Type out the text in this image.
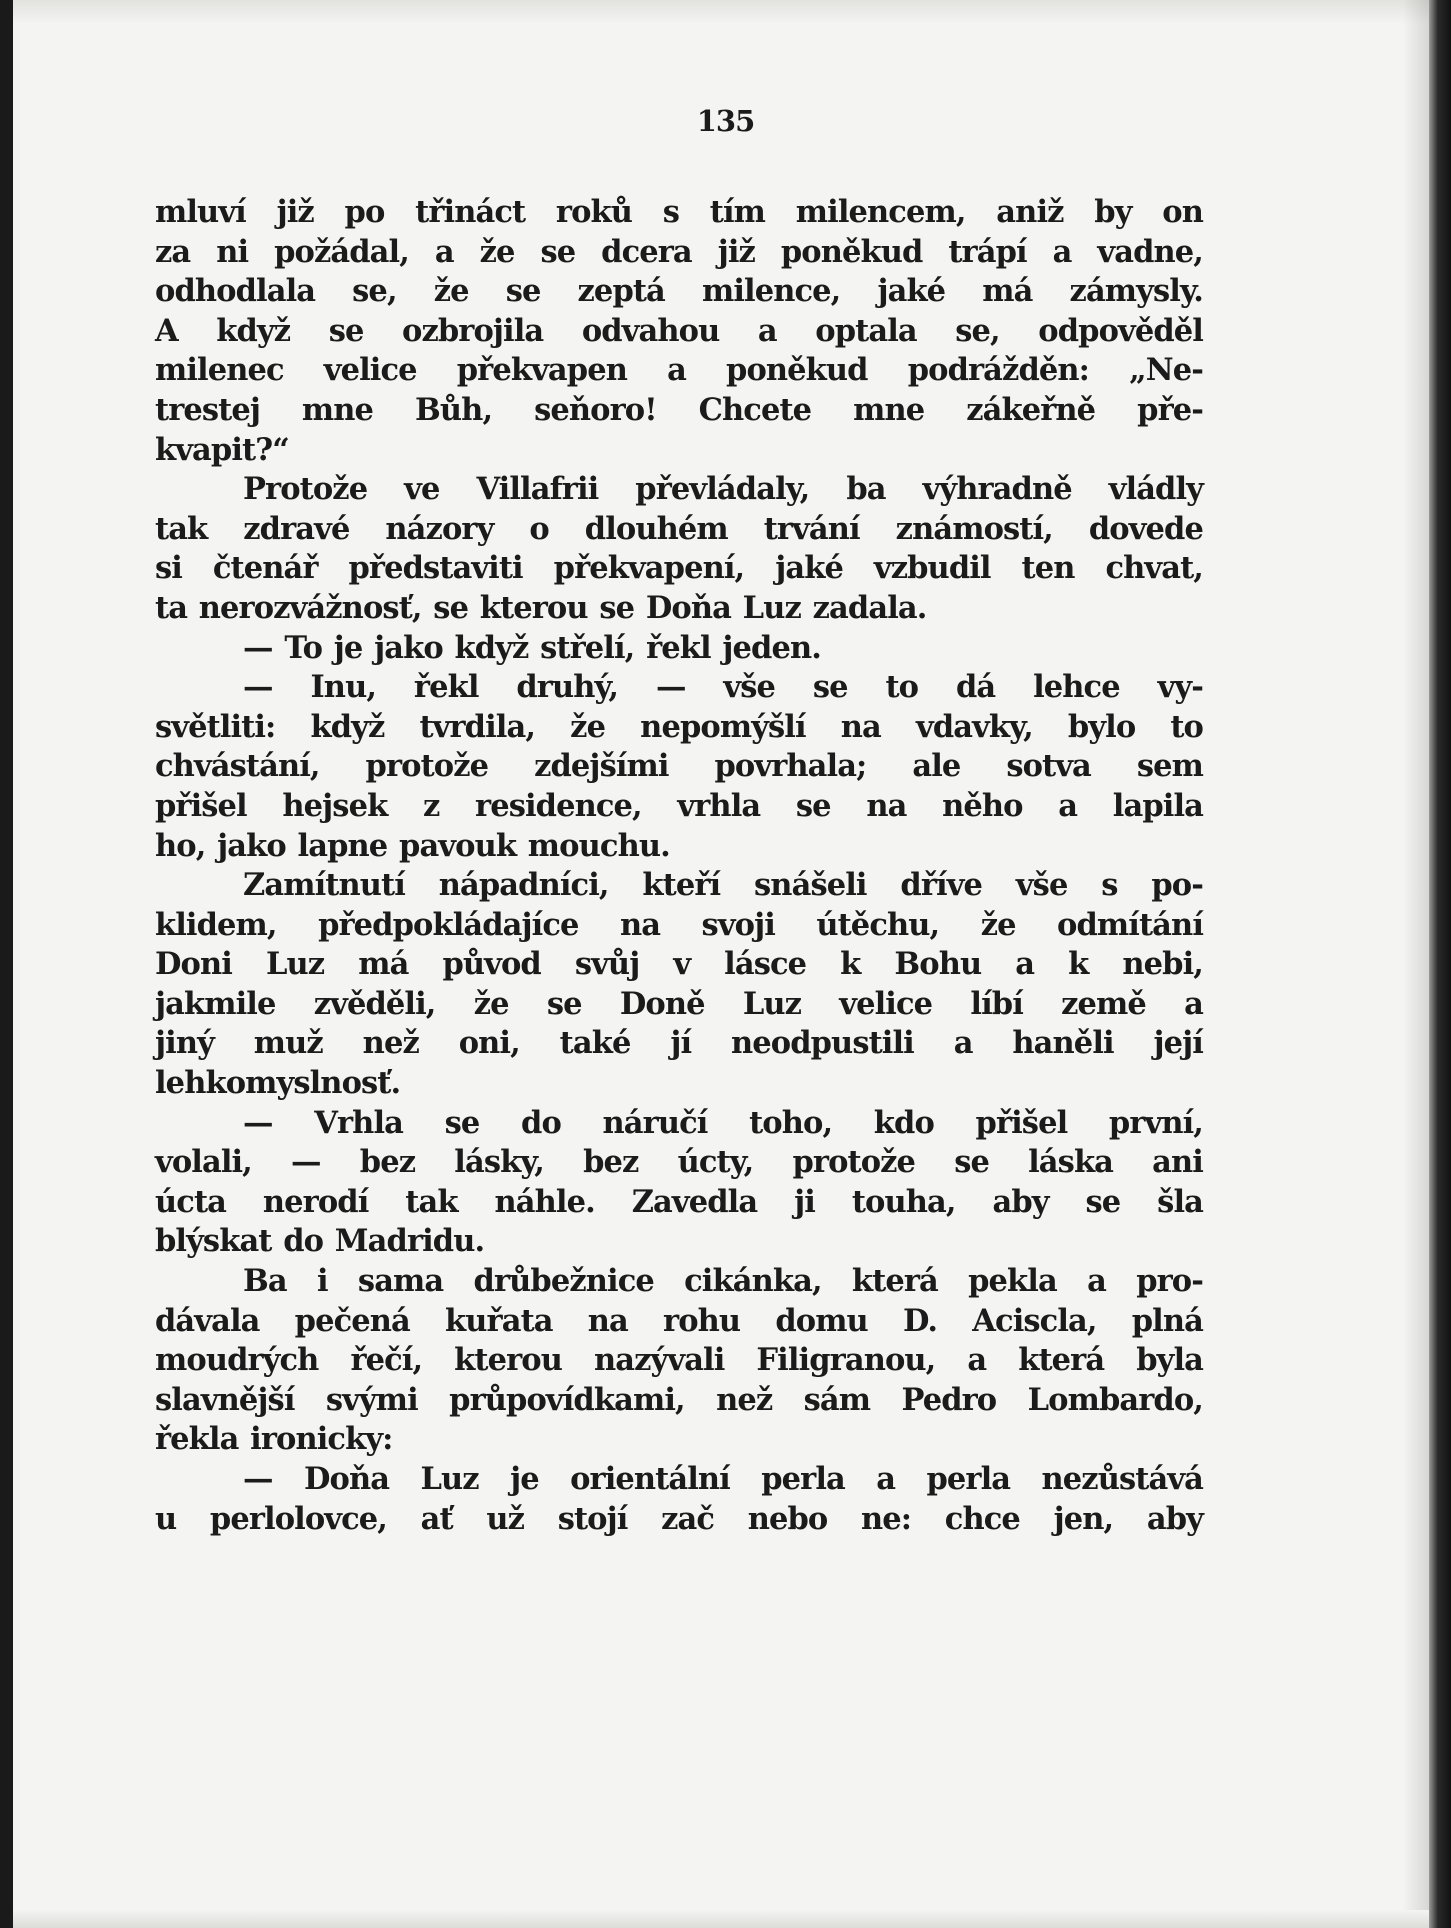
135
mluví již po třináct roků s tím milencem, aniž by on
za ni požádal, a že se dcera již poněkud trápí a vadne,
odhodlala se, že se zeptá milence, jaké má zámysly.
A když se ozbrojila odvahou a optala se, odpověděl
milenec velice překvapen a poněkud podrážděn: „Ne-
trestej mne Bůh, seňoro! Chcete mne zákeřně pře-
kvapit?“
Protože ve Villafrii převládaly, ba výhradně vládly
tak zdravé názory o dlouhém trvání známostí, dovede
si čtenář představiti překvapení, jaké vzbudil ten chvat,
ta nerozvážnosť, se kterou se Doňa Luz zadala.
— To je jako když střelí, řekl jeden.
— Inu, řekl druhý, — vše se to dá lehce vy-
světliti: když tvrdila, že nepomýšlí na vdavky, bylo to
chvástání, protože zdejšími povrhala; ale sotva sem
přišel hejsek z residence, vrhla se na něho a lapila
ho, jako lapne pavouk mouchu.
Zamítnutí nápadníci, kteří snášeli dříve vše s po-
klidem, předpokládajíce na svoji útěchu, že odmítání
Doni Luz má původ svůj v lásce k Bohu a k nebi,
jakmile zvěděli, že se Doně Luz velice líbí země a
jiný muž než oni, také jí neodpustili a haněli její
lehkomyslnosť.
— Vrhla se do náručí toho, kdo přišel první,
volali, — bez lásky, bez úcty, protože se láska ani
úcta nerodí tak náhle. Zavedla ji touha, aby se šla
blýskat do Madridu.
Ba i sama drůbežnice cikánka, která pekla a pro-
dávala pečená kuřata na rohu domu D. Aciscla, plná
moudrých řečí, kterou nazývali Filigranou, a která byla
slavnější svými průpovídkami, než sám Pedro Lombardo,
řekla ironicky:
— Doňa Luz je orientální perla a perla nezůstává
u perlolovce, ať už stojí zač nebo ne: chce jen, aby
